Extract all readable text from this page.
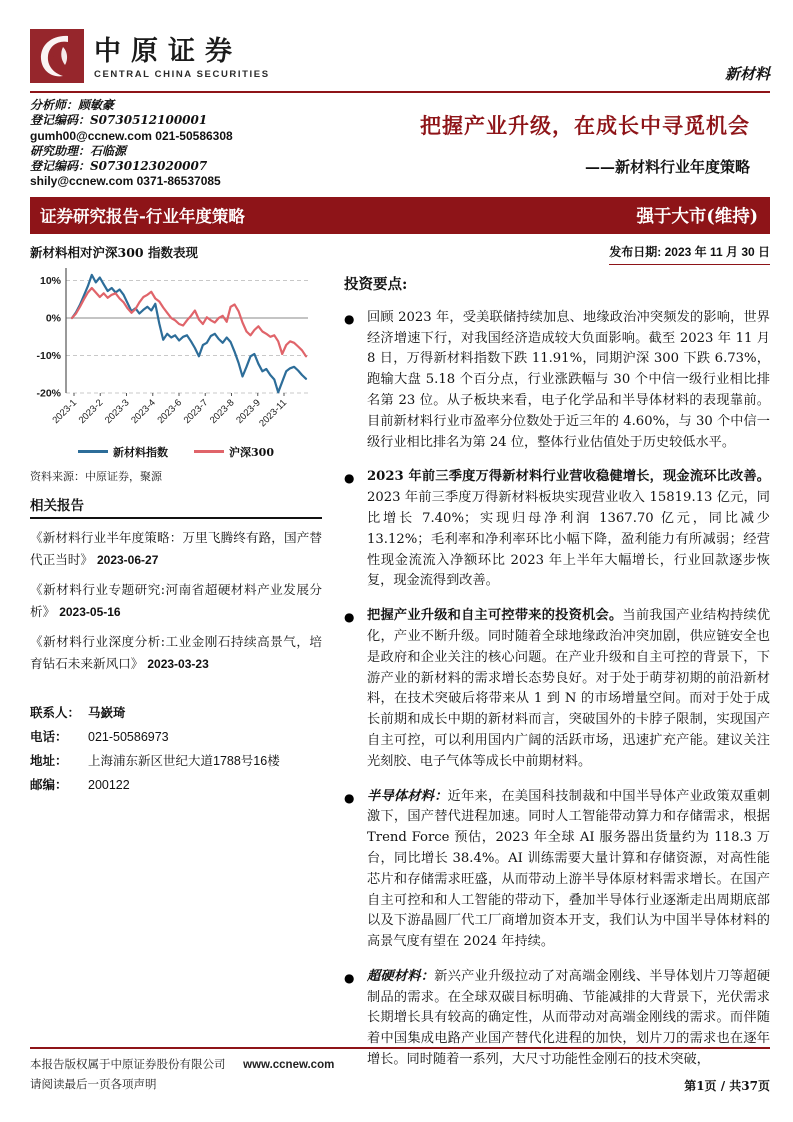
中原证券
CENTRAL CHINA SECURITIES	新材料
分析师：顾敏豪
登记编码：S0730512100001
gumh00@ccnew.com 021-50586308
研究助理：石临源
登记编码：S0730123020007
shily@ccnew.com 0371-86537085
把握产业升级，在成长中寻觅机会
——新材料行业年度策略
证券研究报告-行业年度策略	强于大市(维持)
新材料相对沪深300 指数表现
10%
0%
-10%
-20%
2023-1
2023-2
2023-3
2023-4
2023-6
2023-7
2023-8
2023-9
2023-11
新材料指数	沪深300
资料来源：中原证券，聚源
相关报告
《新材料行业半年度策略：万里飞腾终有路，国产替代正当时》 2023-06-27
《新材料行业专题研究:河南省超硬材料产业发展分析》 2023-05-16
《新材料行业深度分析:工业金刚石持续高景气，培育钻石未来新风口》 2023-03-23
联系人： 马嶔琦
电话：	021-50586973
地址：	上海浦东新区世纪大道1788号16楼
邮编：	200122
发布日期: 2023 年 11 月 30 日
投资要点:
● 回顾 2023 年，受美联储持续加息、地缘政治冲突频发的影响，世界经济增速下行，对我国经济造成较大负面影响。截至 2023 年 11 月 8 日，万得新材料指数下跌 11.91%，同期沪深 300 下跌 6.73%，跑输大盘 5.18 个百分点，行业涨跌幅与 30 个中信一级行业相比排名第 23 位。从子板块来看，电子化学品和半导体材料的表现靠前。目前新材料行业市盈率分位数处于近三年的 4.60%，与 30 个中信一级行业相比排名为第 24 位，整体行业估值处于历史较低水平。
● 2023 年前三季度万得新材料行业营收稳健增长，现金流环比改善。2023 年前三季度万得新材料板块实现营业收入 15819.13 亿元，同比增长 7.40%；实现归母净利润 1367.70 亿元，同比减少 13.12%；毛利率和净利率环比小幅下降，盈利能力有所减弱；经营性现金流流入净额环比 2023 年上半年大幅增长，行业回款逐步恢复，现金流得到改善。
● 把握产业升级和自主可控带来的投资机会。当前我国产业结构持续优化，产业不断升级。同时随着全球地缘政治冲突加剧，供应链安全也是政府和企业关注的核心问题。在产业升级和自主可控的背景下，下游产业的新材料的需求增长态势良好。对于处于萌芽初期的前沿新材料，在技术突破后将带来从 1 到 N 的市场增量空间。而对于处于成长前期和成长中期的新材料而言，突破国外的卡脖子限制，实现国产自主可控，可以利用国内广阔的活跃市场，迅速扩充产能。建议关注光刻胶、电子气体等成长中前期材料。
● 半导体材料：近年来，在美国科技制裁和中国半导体产业政策双重刺激下，国产替代进程加速。同时人工智能带动算力和存储需求，根据 Trend Force 预估，2023 年全球 AI 服务器出货量约为 118.3 万台，同比增长 38.4%。AI 训练需要大量计算和存储资源，对高性能芯片和存储需求旺盛，从而带动上游半导体原材料需求增长。在国产自主可控和和人工智能的带动下，叠加半导体行业逐渐走出周期底部以及下游晶圆厂代工厂商增加资本开支，我们认为中国半导体材料的高景气度有望在 2024 年持续。
● 超硬材料：新兴产业升级拉动了对高端金刚线、半导体划片刀等超硬制品的需求。在全球双碳目标明确、节能减排的大背景下，光伏需求长期增长具有较高的确定性，从而带动对高端金刚线的需求。而伴随着中国集成电路产业国产替代化进程的加快，划片刀的需求也在逐年增长。同时随着一系列，大尺寸功能性金刚石的技术突破，
本报告版权属于中原证券股份有限公司 www.ccnew.com
请阅读最后一页各项声明	第1页 / 共37页
